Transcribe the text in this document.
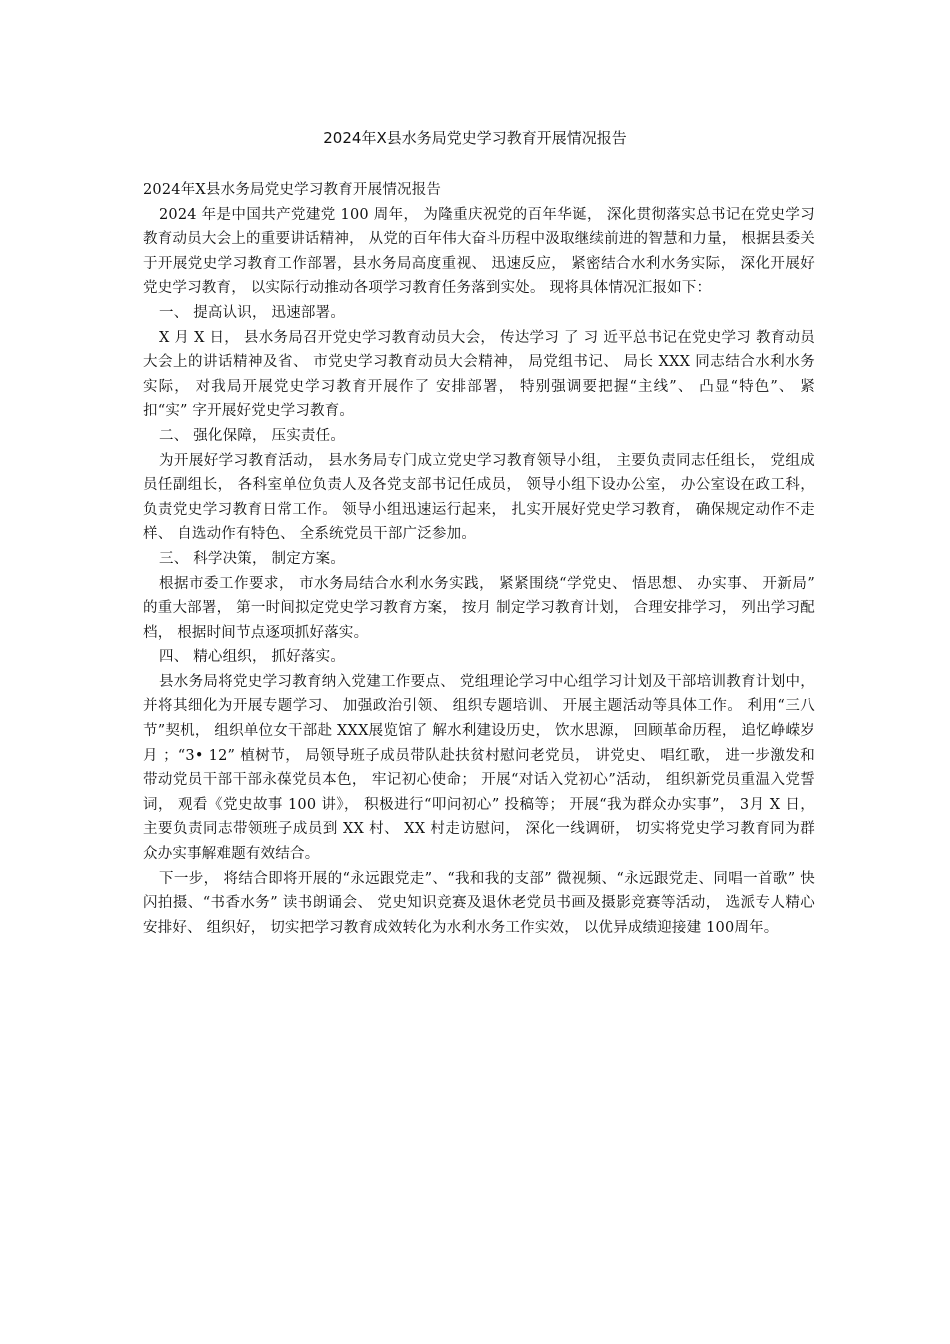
2024年X县水务局党史学习教育开展情况报告

2024年X县水务局党史学习教育开展情况报告

2024 年是中国共产党建党 100 周年， 为隆重庆祝党的百年华诞， 深化贯彻落实总书记在党史学习教育动员大会上的重要讲话精神， 从党的百年伟大奋斗历程中汲取继续前进的智慧和力量， 根据县委关于开展党史学习教育工作部署，县水务局高度重视、 迅速反应， 紧密结合水利水务实际， 深化开展好党史学习教育， 以实际行动推动各项学习教育任务落到实处。 现将具体情况汇报如下：

一、 提高认识， 迅速部署。

X 月 X 日， 县水务局召开党史学习教育动员大会， 传达学习 了 习 近平总书记在党史学习 教育动员大会上的讲话精神及省、 市党史学习教育动员大会精神， 局党组书记、 局长 XXX 同志结合水利水务实际， 对我局开展党史学习教育开展作了 安排部署， 特别强调要把握“主线”、 凸显“特色”、 紧扣“实” 字开展好党史学习教育。

二、 强化保障， 压实责任。

为开展好学习教育活动， 县水务局专门成立党史学习教育领导小组， 主要负责同志任组长， 党组成员任副组长， 各科室单位负责人及各党支部书记任成员， 领导小组下设办公室， 办公室设在政工科， 负责党史学习教育日常工作。 领导小组迅速运行起来， 扎实开展好党史学习教育， 确保规定动作不走样、 自选动作有特色、 全系统党员干部广泛参加。

三、 科学决策， 制定方案。

根据市委工作要求， 市水务局结合水利水务实践， 紧紧围绕“学党史、 悟思想、 办实事、 开新局” 的重大部署， 第一时间拟定党史学习教育方案， 按月 制定学习教育计划， 合理安排学习， 列出学习配档， 根据时间节点逐项抓好落实。

四、 精心组织， 抓好落实。

县水务局将党史学习教育纳入党建工作要点、 党组理论学习中心组学习计划及干部培训教育计划中， 并将其细化为开展专题学习、 加强政治引领、 组织专题培训、 开展主题活动等具体工作。 利用“三八节”契机， 组织单位女干部赴 XXX展览馆了 解水利建设历史， 饮水思源， 回顾革命历程， 追忆峥嵘岁月 ；“3• 12” 植树节， 局领导班子成员带队赴扶贫村慰问老党员， 讲党史、 唱红歌， 进一步激发和带动党员干部干部永葆党员本色， 牢记初心使命； 开展“对话入党初心”活动， 组织新党员重温入党誓词， 观看《党史故事 100 讲》， 积极进行“叩问初心” 投稿等； 开展“我为群众办实事”， 3月 X 日， 主要负责同志带领班子成员到 XX 村、 XX 村走访慰问， 深化一线调研， 切实将党史学习教育同为群众办实事解难题有效结合。

下一步， 将结合即将开展的“永远跟党走”、“我和我的支部” 微视频、“永远跟党走、同唱一首歌” 快闪拍摄、“书香水务” 读书朗诵会、 党史知识竞赛及退休老党员书画及摄影竞赛等活动， 选派专人精心安排好、 组织好， 切实把学习教育成效转化为水利水务工作实效， 以优异成绩迎接建 100周年。
